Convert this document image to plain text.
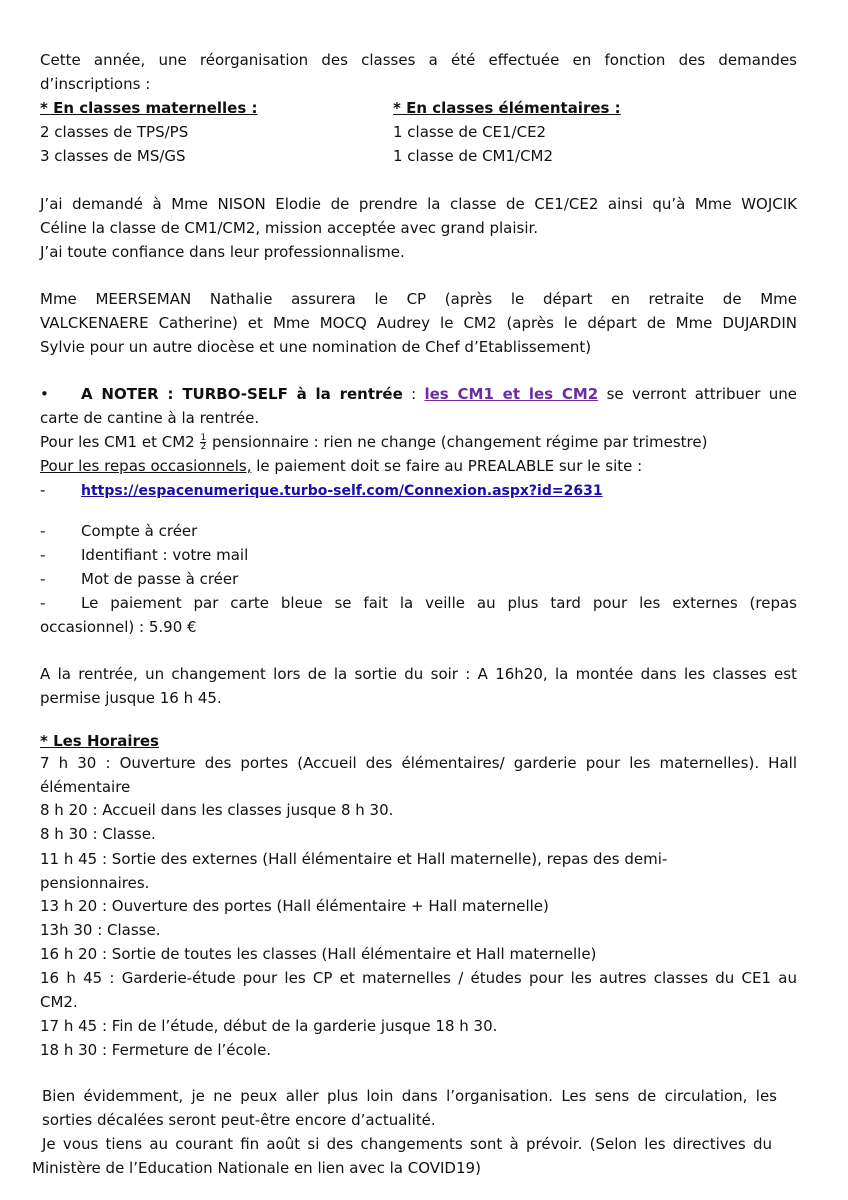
Cette année, une réorganisation des classes a été effectuée en fonction des demandes
d’inscriptions :
* En classes maternelles :	* En classes élémentaires :
2 classes de TPS/PS	1 classe de CE1/CE2
3 classes de MS/GS	1 classe de CM1/CM2
J’ai demandé à Mme NISON Elodie de prendre la classe de CE1/CE2 ainsi qu’à Mme WOJCIK
Céline la classe de CM1/CM2, mission acceptée avec grand plaisir.
J’ai toute confiance dans leur professionnalisme.
Mme MEERSEMAN Nathalie assurera le CP (après le départ en retraite de Mme
VALCKENAERE Catherine) et Mme MOCQ Audrey le CM2 (après le départ de Mme DUJARDIN
Sylvie pour un autre diocèse et une nomination de Chef d’Etablissement)
• A NOTER : TURBO-SELF à la rentrée : les CM1 et les CM2 se verront attribuer une
carte de cantine à la rentrée.
Pour les CM1 et $CM2 \frac{1}{2}$ pensionnaire : rien ne change (changement régime par trimestre)
Pour les repas occasionnels, le paiement doit se faire au PREALABLE sur le site :
-	https://espacenumerique.turbo-self.com/Connexion.aspx?id=2631
- Compte à créer
- Identifiant : votre mail
- Mot de passe à créer
- Le paiement par carte bleue se fait la veille au plus tard pour les externes (repas
occasionnel) : 5.90 €
A la rentrée, un changement lors de la sortie du soir : A 16h20, la montée dans les classes est
permise jusque 16 h 45.
* Les Horaires
7 h 30 : Ouverture des portes (Accueil des élémentaires/ garderie pour les maternelles). Hall
élémentaire
8 h 20 : Accueil dans les classes jusque 8 h 30.
8 h 30 : Classe.
11 h 45 : Sortie des externes (Hall élémentaire et Hall maternelle), repas des demi-
pensionnaires.
13 h 20 : Ouverture des portes (Hall élémentaire + Hall maternelle)
13h 30 : Classe.
16 h 20 : Sortie de toutes les classes (Hall élémentaire et Hall maternelle)
16 h 45 : Garderie-étude pour les CP et maternelles / études pour les autres classes du CE1 au
CM2.
17 h 45 : Fin de l’étude, début de la garderie jusque 18 h 30.
18 h 30 : Fermeture de l’école.
Bien évidemment, je ne peux aller plus loin dans l’organisation. Les sens de circulation, les
sorties décalées seront peut-être encore d’actualité.
Je vous tiens au courant fin août si des changements sont à prévoir. (Selon les directives du
Ministère de l’Education Nationale en lien avec la COVID19)
